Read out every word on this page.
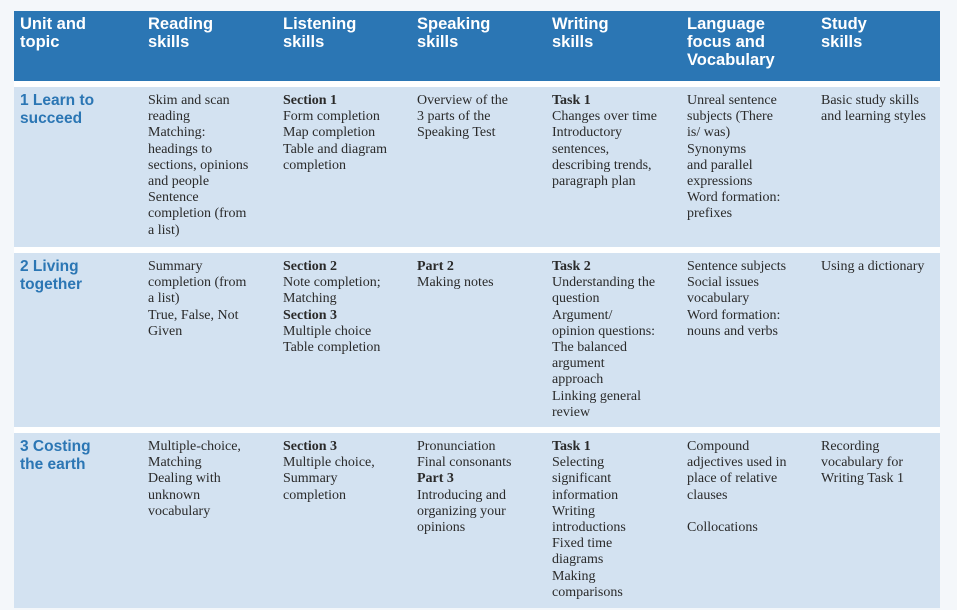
Unit and
topic
Reading
skills
Listening
skills
Speaking
skills
Writing
skills
Language
focus and
Vocabulary
Study
skills
1 Learn to
succeed
Skim and scan
reading
Matching:
headings to
sections, opinions
and people
Sentence
completion (from
a list)
Section 1
Form completion
Map completion
Table and diagram
completion
Overview of the
3 parts of the
Speaking Test
Task 1
Changes over time
Introductory
sentences,
describing trends,
paragraph plan
Unreal sentence
subjects (There
is/ was)
Synonyms
and parallel
expressions
Word formation:
prefixes
Basic study skills
and learning styles
2 Living
together
Summary
completion (from
a list)
True, False, Not
Given
Section 2
Note completion;
Matching
Section 3
Multiple choice
Table completion
Part 2
Making notes
Task 2
Understanding the
question
Argument/
opinion questions:
The balanced
argument
approach
Linking general
review
Sentence subjects
Social issues
vocabulary
Word formation:
nouns and verbs
Using a dictionary
3 Costing
the earth
Multiple-choice,
Matching
Dealing with
unknown
vocabulary
Section 3
Multiple choice,
Summary
completion
Pronunciation
Final consonants
Part 3
Introducing and
organizing your
opinions
Task 1
Selecting
significant
information
Writing
introductions
Fixed time
diagrams
Making
comparisons
Compound
adjectives used in
place of relative
clauses
Collocations
Recording
vocabulary for
Writing Task 1
